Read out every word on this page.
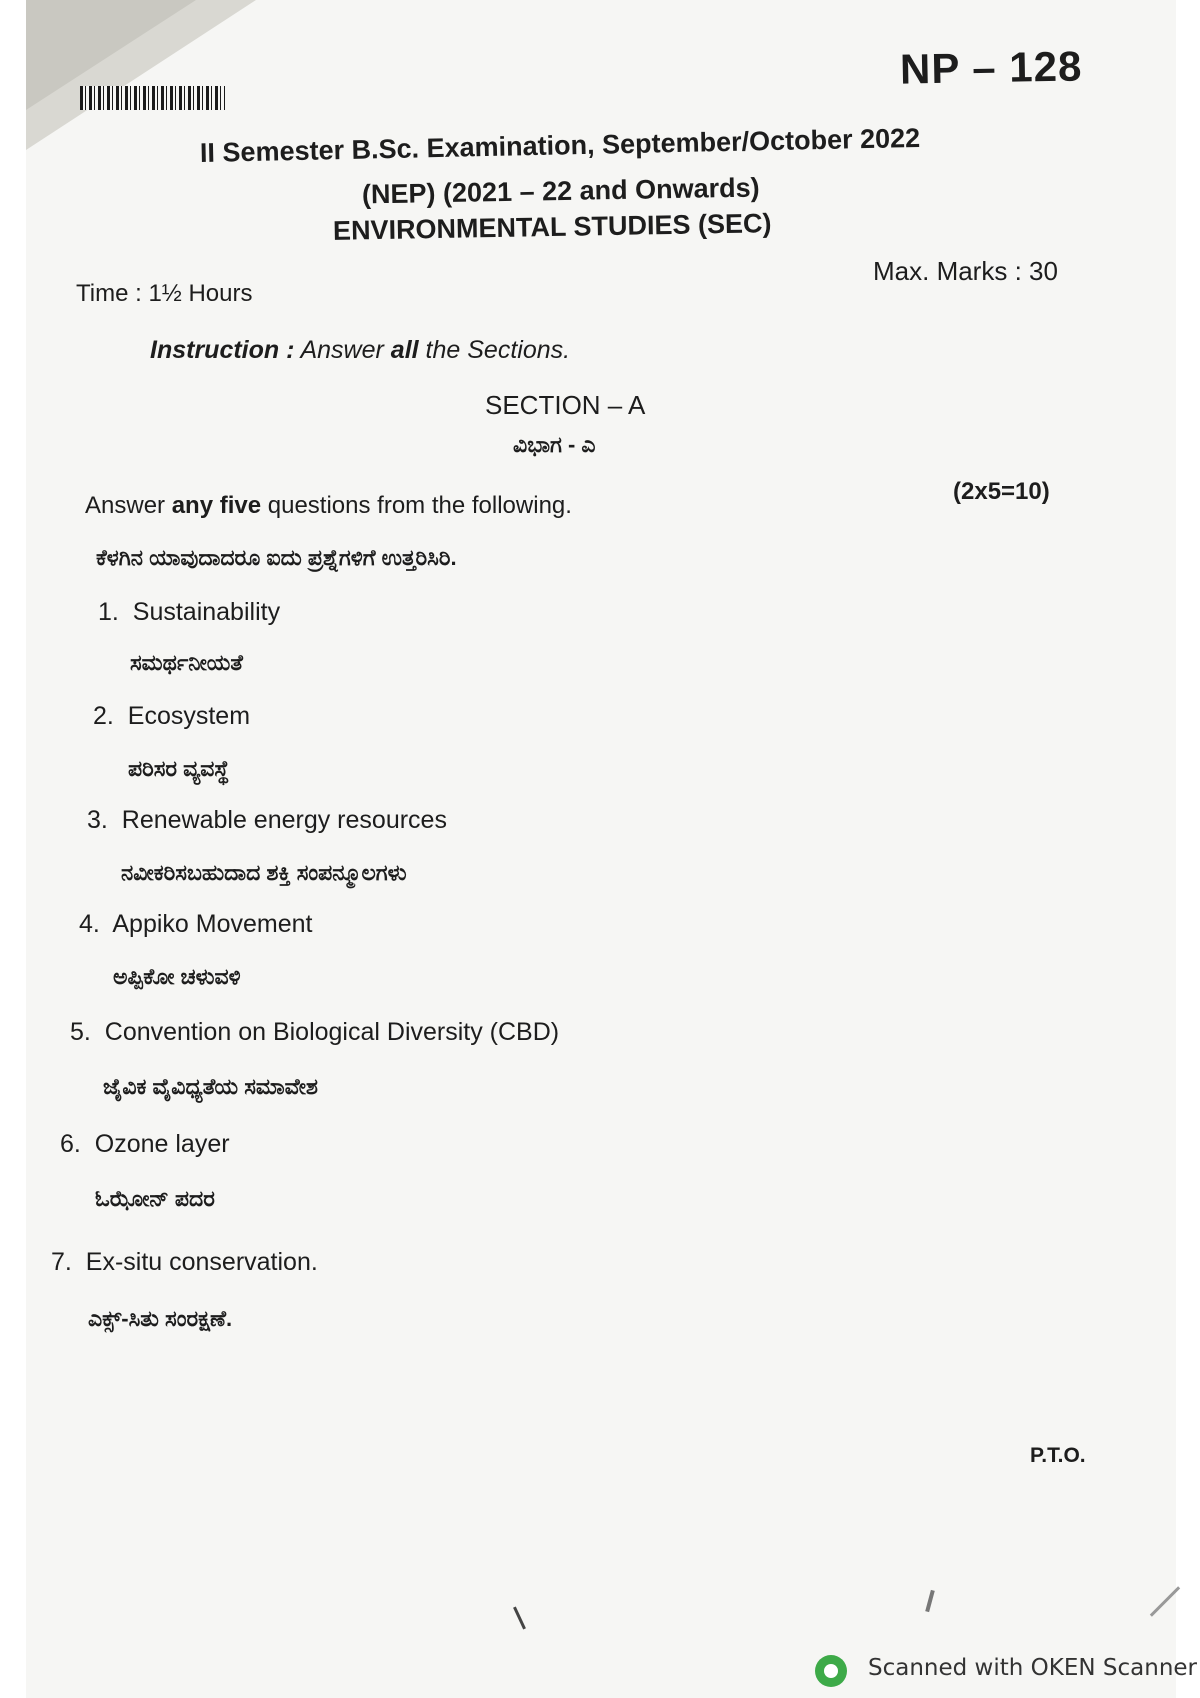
NP – 128
II Semester B.Sc. Examination, September/October 2022
(NEP) (2021 – 22 and Onwards)
ENVIRONMENTAL STUDIES (SEC)
Max. Marks : 30
Time : 1½ Hours
Instruction : Answer all the Sections.
SECTION – A
ವಿಭಾಗ - ಎ
Answer any five questions from the following.
(2x5=10)
ಕೆಳಗಿನ ಯಾವುದಾದರೂ ಐದು ಪ್ರಶ್ನೆಗಳಿಗೆ ಉತ್ತರಿಸಿರಿ.
1. Sustainability
ಸಮರ್ಥನೀಯತೆ
2. Ecosystem
ಪರಿಸರ ವ್ಯವಸ್ಥೆ
3. Renewable energy resources
ನವೀಕರಿಸಬಹುದಾದ ಶಕ್ತಿ ಸಂಪನ್ಮೂಲಗಳು
4. Appiko Movement
ಅಪ್ಪಿಕೋ ಚಳುವಳಿ
5. Convention on Biological Diversity (CBD)
ಜೈವಿಕ ವೈವಿಧ್ಯತೆಯ ಸಮಾವೇಶ
6. Ozone layer
ಓಝೋನ್ ಪದರ
7. Ex-situ conservation.
ಎಕ್ಸ್-ಸಿತು ಸಂರಕ್ಷಣೆ.
P.T.O.
Scanned with OKEN Scanner
